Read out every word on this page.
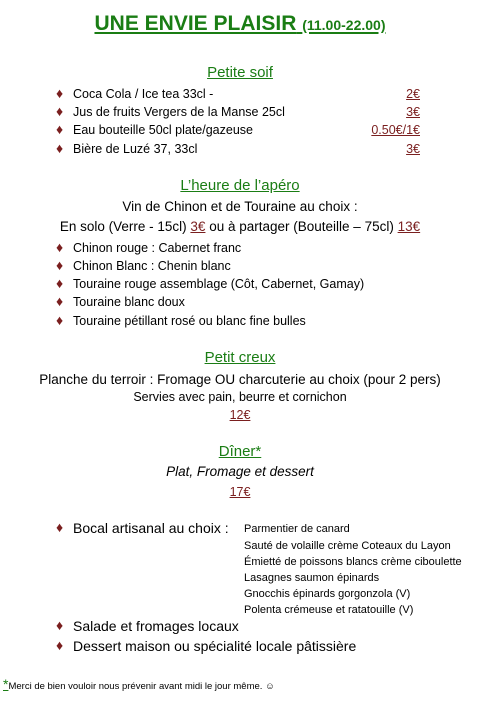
UNE ENVIE PLAISIR (11.00-22.00)
Petite soif
♦ Coca Cola / Ice tea 33cl -	2€
♦ Jus de fruits Vergers de la Manse 25cl	3€
♦ Eau bouteille 50cl plate/gazeuse	0.50€/1€
♦ Bière de Luzé 37, 33cl	3€
L’heure de l’apéro
Vin de Chinon et de Touraine au choix :
En solo (Verre - 15cl) 3€ ou à partager (Bouteille – 75cl) 13€
♦ Chinon rouge : Cabernet franc
♦ Chinon Blanc : Chenin blanc
♦ Touraine rouge assemblage (Côt, Cabernet, Gamay)
♦ Touraine blanc doux
♦ Touraine pétillant rosé ou blanc fine bulles
Petit creux
Planche du terroir : Fromage OU charcuterie au choix (pour 2 pers)
Servies avec pain, beurre et cornichon
12€
Dîner*
Plat, Fromage et dessert
17€
♦ Bocal artisanal au choix : Parmentier de canard
Sauté de volaille crème Coteaux du Layon
Émietté de poissons blancs crème ciboulette
Lasagnes saumon épinards
Gnocchis épinards gorgonzola (V)
Polenta crémeuse et ratatouille (V)
♦ Salade et fromages locaux
♦ Dessert maison ou spécialité locale pâtissière
*Merci de bien vouloir nous prévenir avant midi le jour même. ☺
